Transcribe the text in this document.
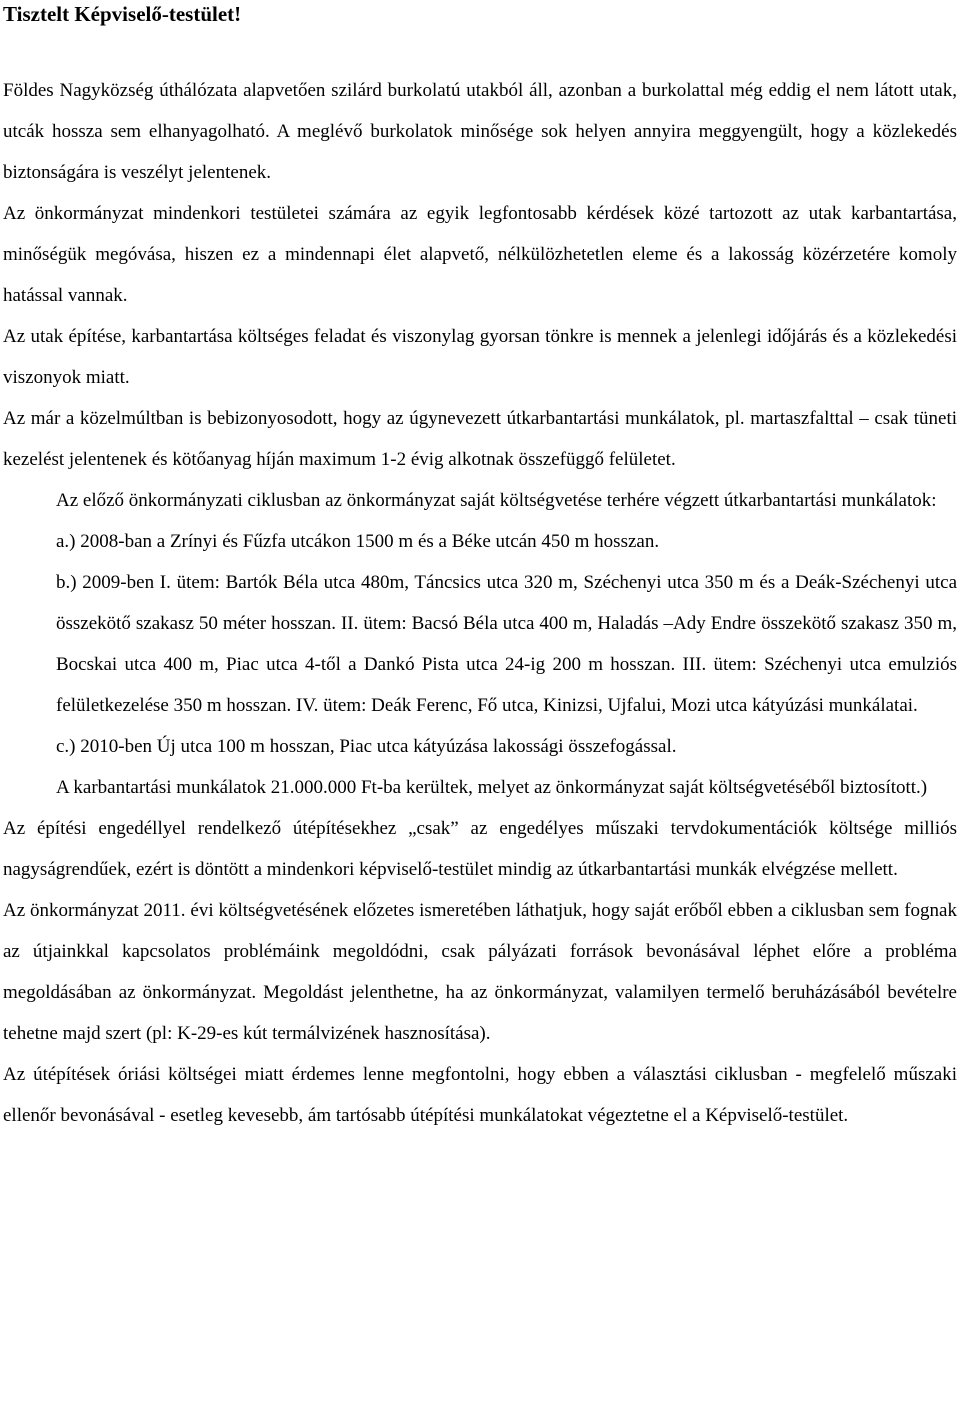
Tisztelt Képviselő-testület!

Földes Nagyközség úthálózata alapvetően szilárd burkolatú utakból áll, azonban a burkolattal még eddig el nem látott utak, utcák hossza sem elhanyagolható. A meglévő burkolatok minősége sok helyen annyira meggyengült, hogy a közlekedés biztonságára is veszélyt jelentenek.

Az önkormányzat mindenkori testületei számára az egyik legfontosabb kérdések közé tartozott az utak karbantartása, minőségük megóvása, hiszen ez a mindennapi élet alapvető, nélkülözhetetlen eleme és a lakosság közérzetére komoly hatással vannak.

Az utak építése, karbantartása költséges feladat és viszonylag gyorsan tönkre is mennek a jelenlegi időjárás és a közlekedési viszonyok miatt.

Az már a közelmúltban is bebizonyosodott, hogy az úgynevezett útkarbantartási munkálatok, pl. martaszfalttal – csak tüneti kezelést jelentenek és kötőanyag híján maximum 1-2 évig alkotnak összefüggő felületet.

Az előző önkormányzati ciklusban az önkormányzat saját költségvetése terhére végzett útkarbantartási munkálatok:

a.) 2008-ban a Zrínyi és Fűzfa utcákon 1500 m és a Béke utcán 450 m hosszan.

b.) 2009-ben I. ütem: Bartók Béla utca 480m, Táncsics utca 320 m, Széchenyi utca 350 m és a Deák-Széchenyi utca összekötő szakasz 50 méter hosszan. II. ütem: Bacsó Béla utca 400 m, Haladás –Ady Endre összekötő szakasz 350 m, Bocskai utca 400 m, Piac utca 4-től a Dankó Pista utca 24-ig 200 m hosszan. III. ütem: Széchenyi utca emulziós felületkezelése 350 m hosszan. IV. ütem: Deák Ferenc, Fő utca, Kinizsi, Ujfalui, Mozi utca kátyúzási munkálatai.

c.) 2010-ben Új utca 100 m hosszan, Piac utca kátyúzása lakossági összefogással.

A karbantartási munkálatok 21.000.000 Ft-ba kerültek, melyet az önkormányzat saját költségvetéséből biztosított.)

Az építési engedéllyel rendelkező útépítésekhez „csak” az engedélyes műszaki tervdokumentációk költsége milliós nagyságrendűek, ezért is döntött a mindenkori képviselő-testület mindig az útkarbantartási munkák elvégzése mellett.

Az önkormányzat 2011. évi költségvetésének előzetes ismeretében láthatjuk, hogy saját erőből ebben a ciklusban sem fognak az útjainkkal kapcsolatos problémáink megoldódni, csak pályázati források bevonásával léphet előre a probléma megoldásában az önkormányzat. Megoldást jelenthetne, ha az önkormányzat, valamilyen termelő beruházásából bevételre tehetne majd szert (pl: K-29-es kút termálvizének hasznosítása).

Az útépítések óriási költségei miatt érdemes lenne megfontolni, hogy ebben a választási ciklusban - megfelelő műszaki ellenőr bevonásával - esetleg kevesebb, ám tartósabb útépítési munkálatokat végeztetne el a Képviselő-testület.
